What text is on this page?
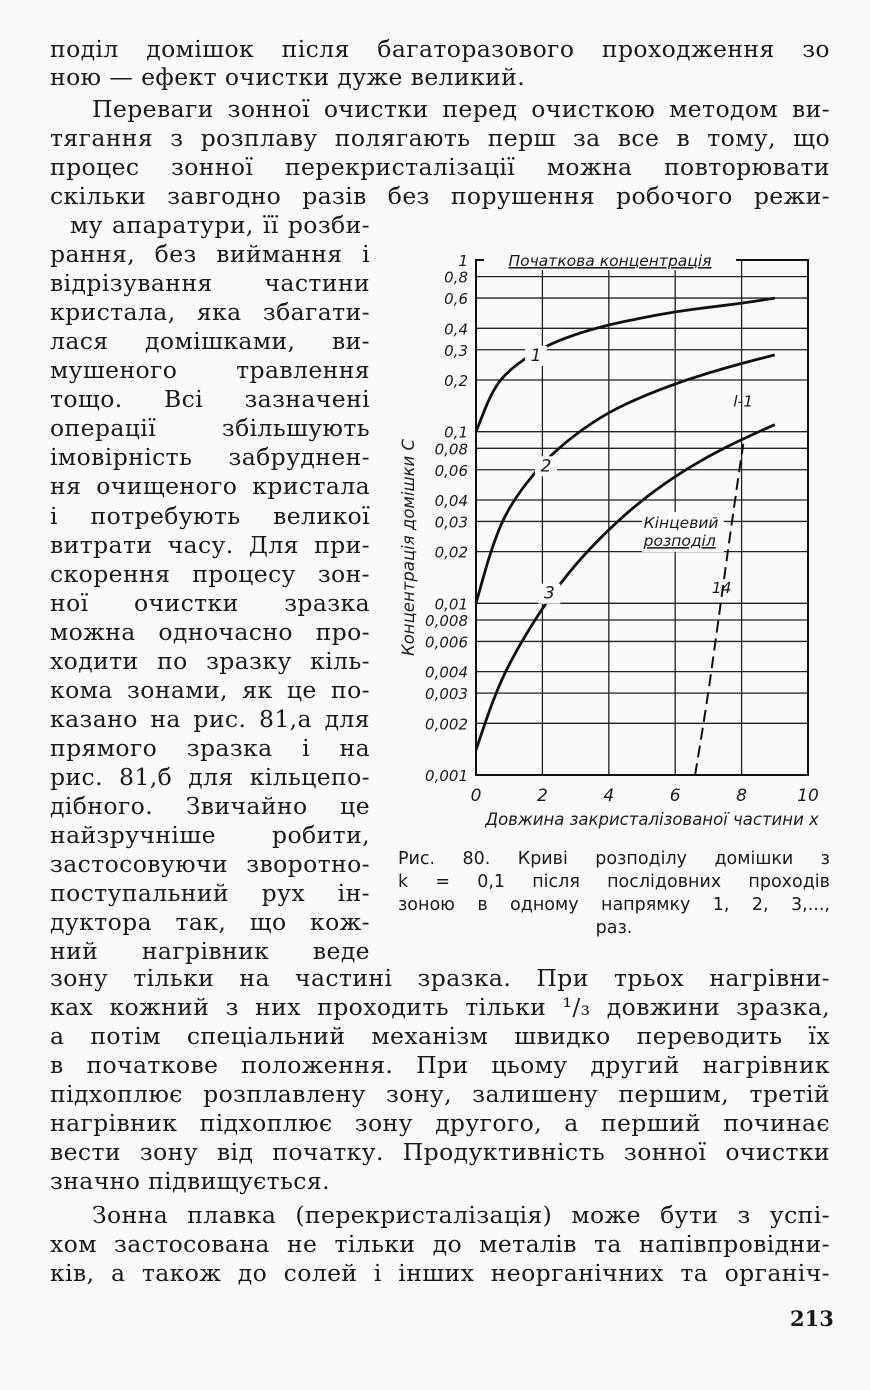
поділ домішок після багаторазового проходження зо
ною — ефект очистки дуже великий.
Переваги зонної очистки перед очисткою методом ви-
тягання з розплаву полягають перш за все в тому, що
процес зонної перекристалізації можна повторювати
скільки завгодно разів без порушення робочого режи-
му апаратури, її розби-
рання, без виймання і
відрізування частини
кристала, яка збагати-
лася домішками, ви-
мушеного травлення
тощо. Всі зазначені
операції збільшують
імовірність забруднен-
ня очищеного кристала
і потребують великої
витрати часу. Для при-
скорення процесу зон-
ної очистки зразка
можна одночасно про-
ходити по зразку кіль-
кома зонами, як це по-
казано на рис. 81,а для
прямого зразка і на
рис. 81,б для кільцепо-
дібного. Звичайно це
найзручніше робити,
застосовуючи зворотно-
поступальний рух ін-
дуктора так, що кож-
ний нагрівник веде
зону тільки на частині зразка. При трьох нагрівни-
ках кожний з них проходить тільки ¹/₃ довжини зразка,
а потім спеціальний механізм швидко переводить їх
в початкове положення. При цьому другий нагрівник
підхоплює розплавлену зону, залишену першим, третій
нагрівник підхоплює зону другого, а перший починає
вести зону від початку. Продуктивність зонної очистки
значно підвищується.
Зонна плавка (перекристалізація) може бути з успі-
хом застосована не тільки до металів та напівпровідни-
ків, а також до солей і інших неорганічних та органіч-
1
0,8
0,6
0,4
0,3
0,2
0,1
0,08
0,06
0,04
0,03
0,02
0,01
0,008
0,006
0,004
0,003
0,002
0,001
0	2	4	6	8	10
Довжина закристалізованої частини x
Концентрація домішки C
1
2
3
Початкова концентрація
Кінцевий
розподіл
14
l-1
Рис. 80. Криві розподілу домішки з
k = 0,1 після послідовних проходів
зоною в одному напрямку 1, 2, 3,...,
раз.
213
